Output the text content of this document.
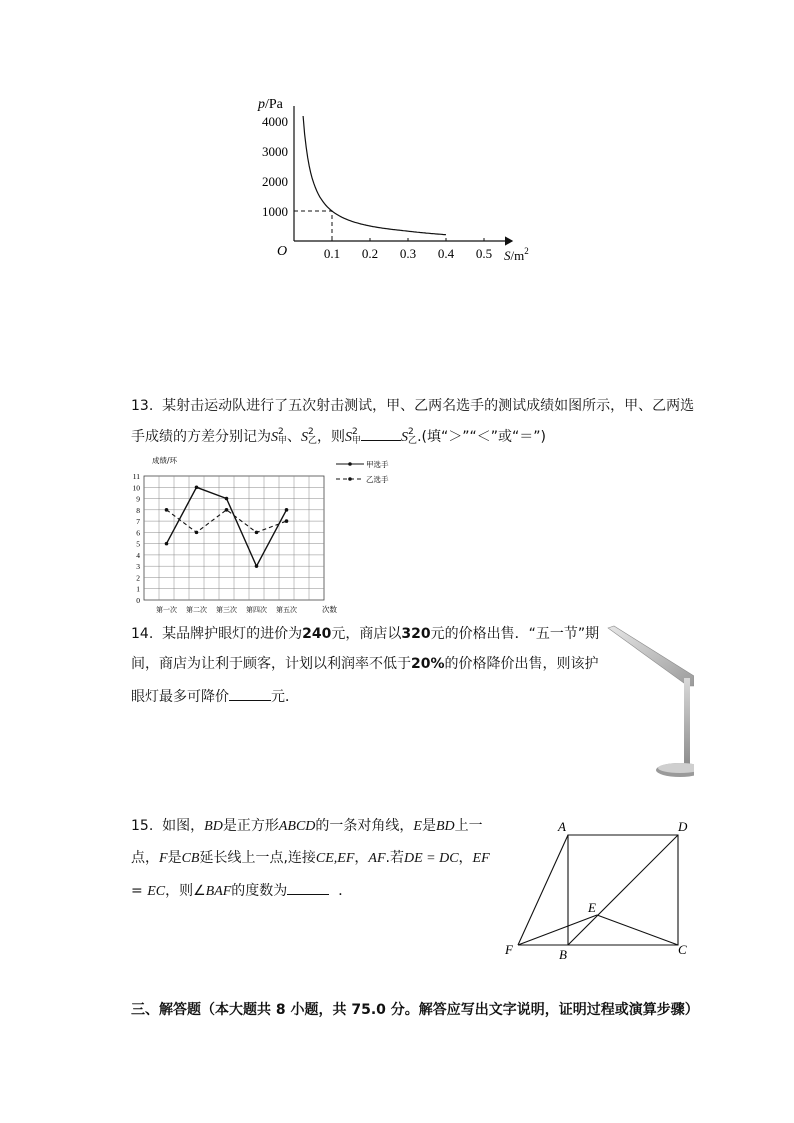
p/Pa
O	$S/m^2$
4000
3000
2000
1000
0.1 0.2 0.3 0.4 0.5
13. 某射击运动队进行了五次射击测试，甲、乙两名选手的测试成绩如图所示，甲、乙两选
手成绩的方差分别记为S 2
甲 、S 2
乙 ，则S 2
甲	S 2
乙 .(填“＞”“＜”或“＝”)
0
1
2
3
4
5
6
7
8
9
10
11
第一次 第二次 第三次 第四次 第五次
甲选手
乙选手
成绩/环
次数
14. 某品牌护眼灯的进价为240元，商店以320元的价格出售．“五一节”期
间，商店为让利于顾客，计划以利润率不低于20%的价格降价出售，则该护
眼灯最多可降价	元．
15. 如图，BD是正方形ABCD的一条对角线，E是BD上一
点，F是CB延长线上一点,连接CE,EF，AF.若DE = DC，EF
= EC，则∠BAF的度数为	．
A	D
E
F	B	C
三、解答题（本大题共 8 小题，共 75.0 分。解答应写出文字说明，证明过程或演算步骤）
